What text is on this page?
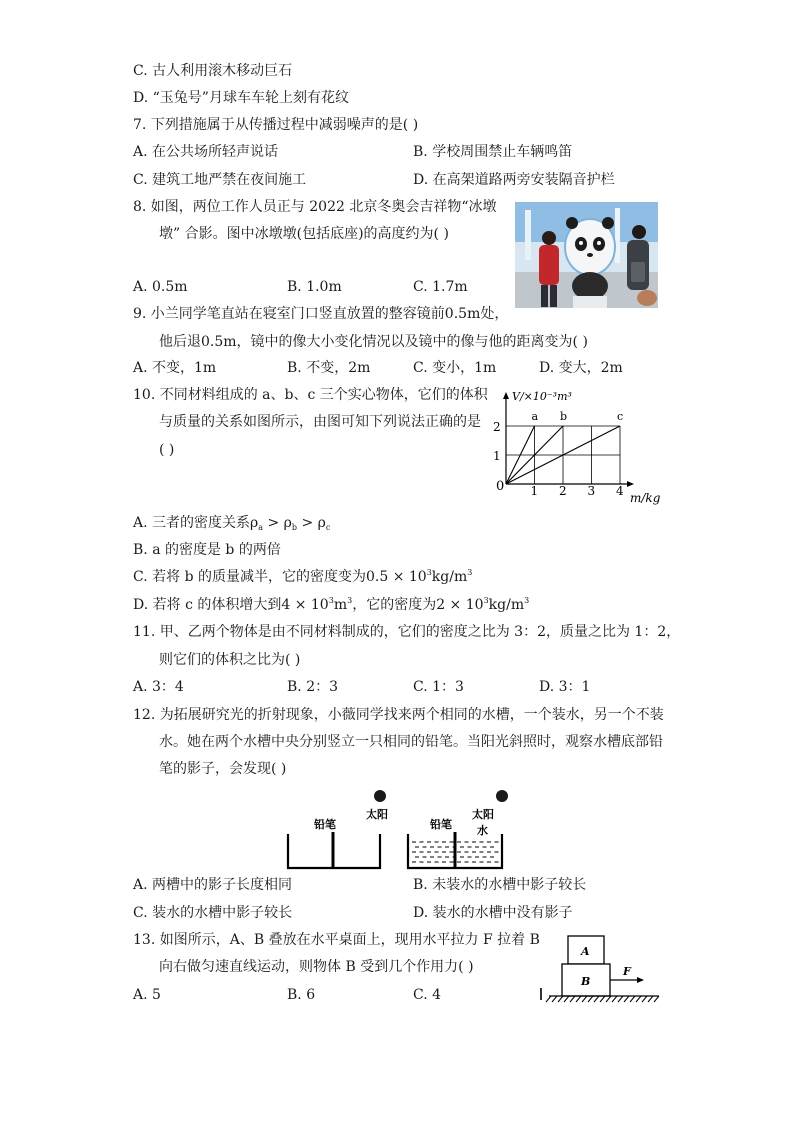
C. 古人利用滚木移动巨石
D. “玉兔号”月球车车轮上刻有花纹
7. 下列措施属于从传播过程中减弱噪声的是( )
A. 在公共场所轻声说话	B. 学校周围禁止车辆鸣笛
C. 建筑工地严禁在夜间施工	D. 在高架道路两旁安装隔音护栏
8. 如图，两位工作人员正与 2022 北京冬奥会吉祥物“冰墩
墩” 合影。图中冰墩墩(包括底座)的高度约为( )
A. 0.5m	B. 1.0m	C. 1.7m
9. 小兰同学笔直站在寝室门口竖直放置的整容镜前0.5m处，
他后退0.5m，镜中的像大小变化情况以及镜中的像与他的距离变为( )
A. 不变，1m	B. 不变，2m	C. 变小，1m	D. 变大，2m
10. 不同材料组成的 a、b、c 三个实心物体，它们的体积
与质量的关系如图所示，由图可知下列说法正确的是
( )
V/×10⁻³m³
m/kg
0
a b	c
1 2 3 4
1
2
A. 三者的密度关系$\rho_a > \rho_b > \rho_c$
B. a 的密度是 b 的两倍
C. 若将 b 的质量减半，它的密度变为$0.5 \times 10^3kg/m^3$
D. 若将 c 的体积增大到$4 \times 10^3m^3$，它的密度为$2 \times 10^3kg/m^3$
11. 甲、乙两个物体是由不同材料制成的，它们的密度之比为 3：2，质量之比为 1：2，
则它们的体积之比为( )
A. 3：4	B. 2：3	C. 1：3	D. 3：1
12. 为拓展研究光的折射现象，小薇同学找来两个相同的水槽，一个装水，另一个不装
水。她在两个水槽中央分别竖立一只相同的铅笔。当阳光斜照时，观察水槽底部铅
笔的影子，会发现( )
太阳
铅笔
太阳
铅笔 水
A. 两槽中的影子长度相同	B. 未装水的水槽中影子较长
C. 装水的水槽中影子较长	D. 装水的水槽中没有影子
13. 如图所示，A、B 叠放在水平桌面上，现用水平拉力 F 拉着 B
向右做匀速直线运动，则物体 B 受到几个作用力( )
A. 5	B. 6	C. 4
A
B
F
